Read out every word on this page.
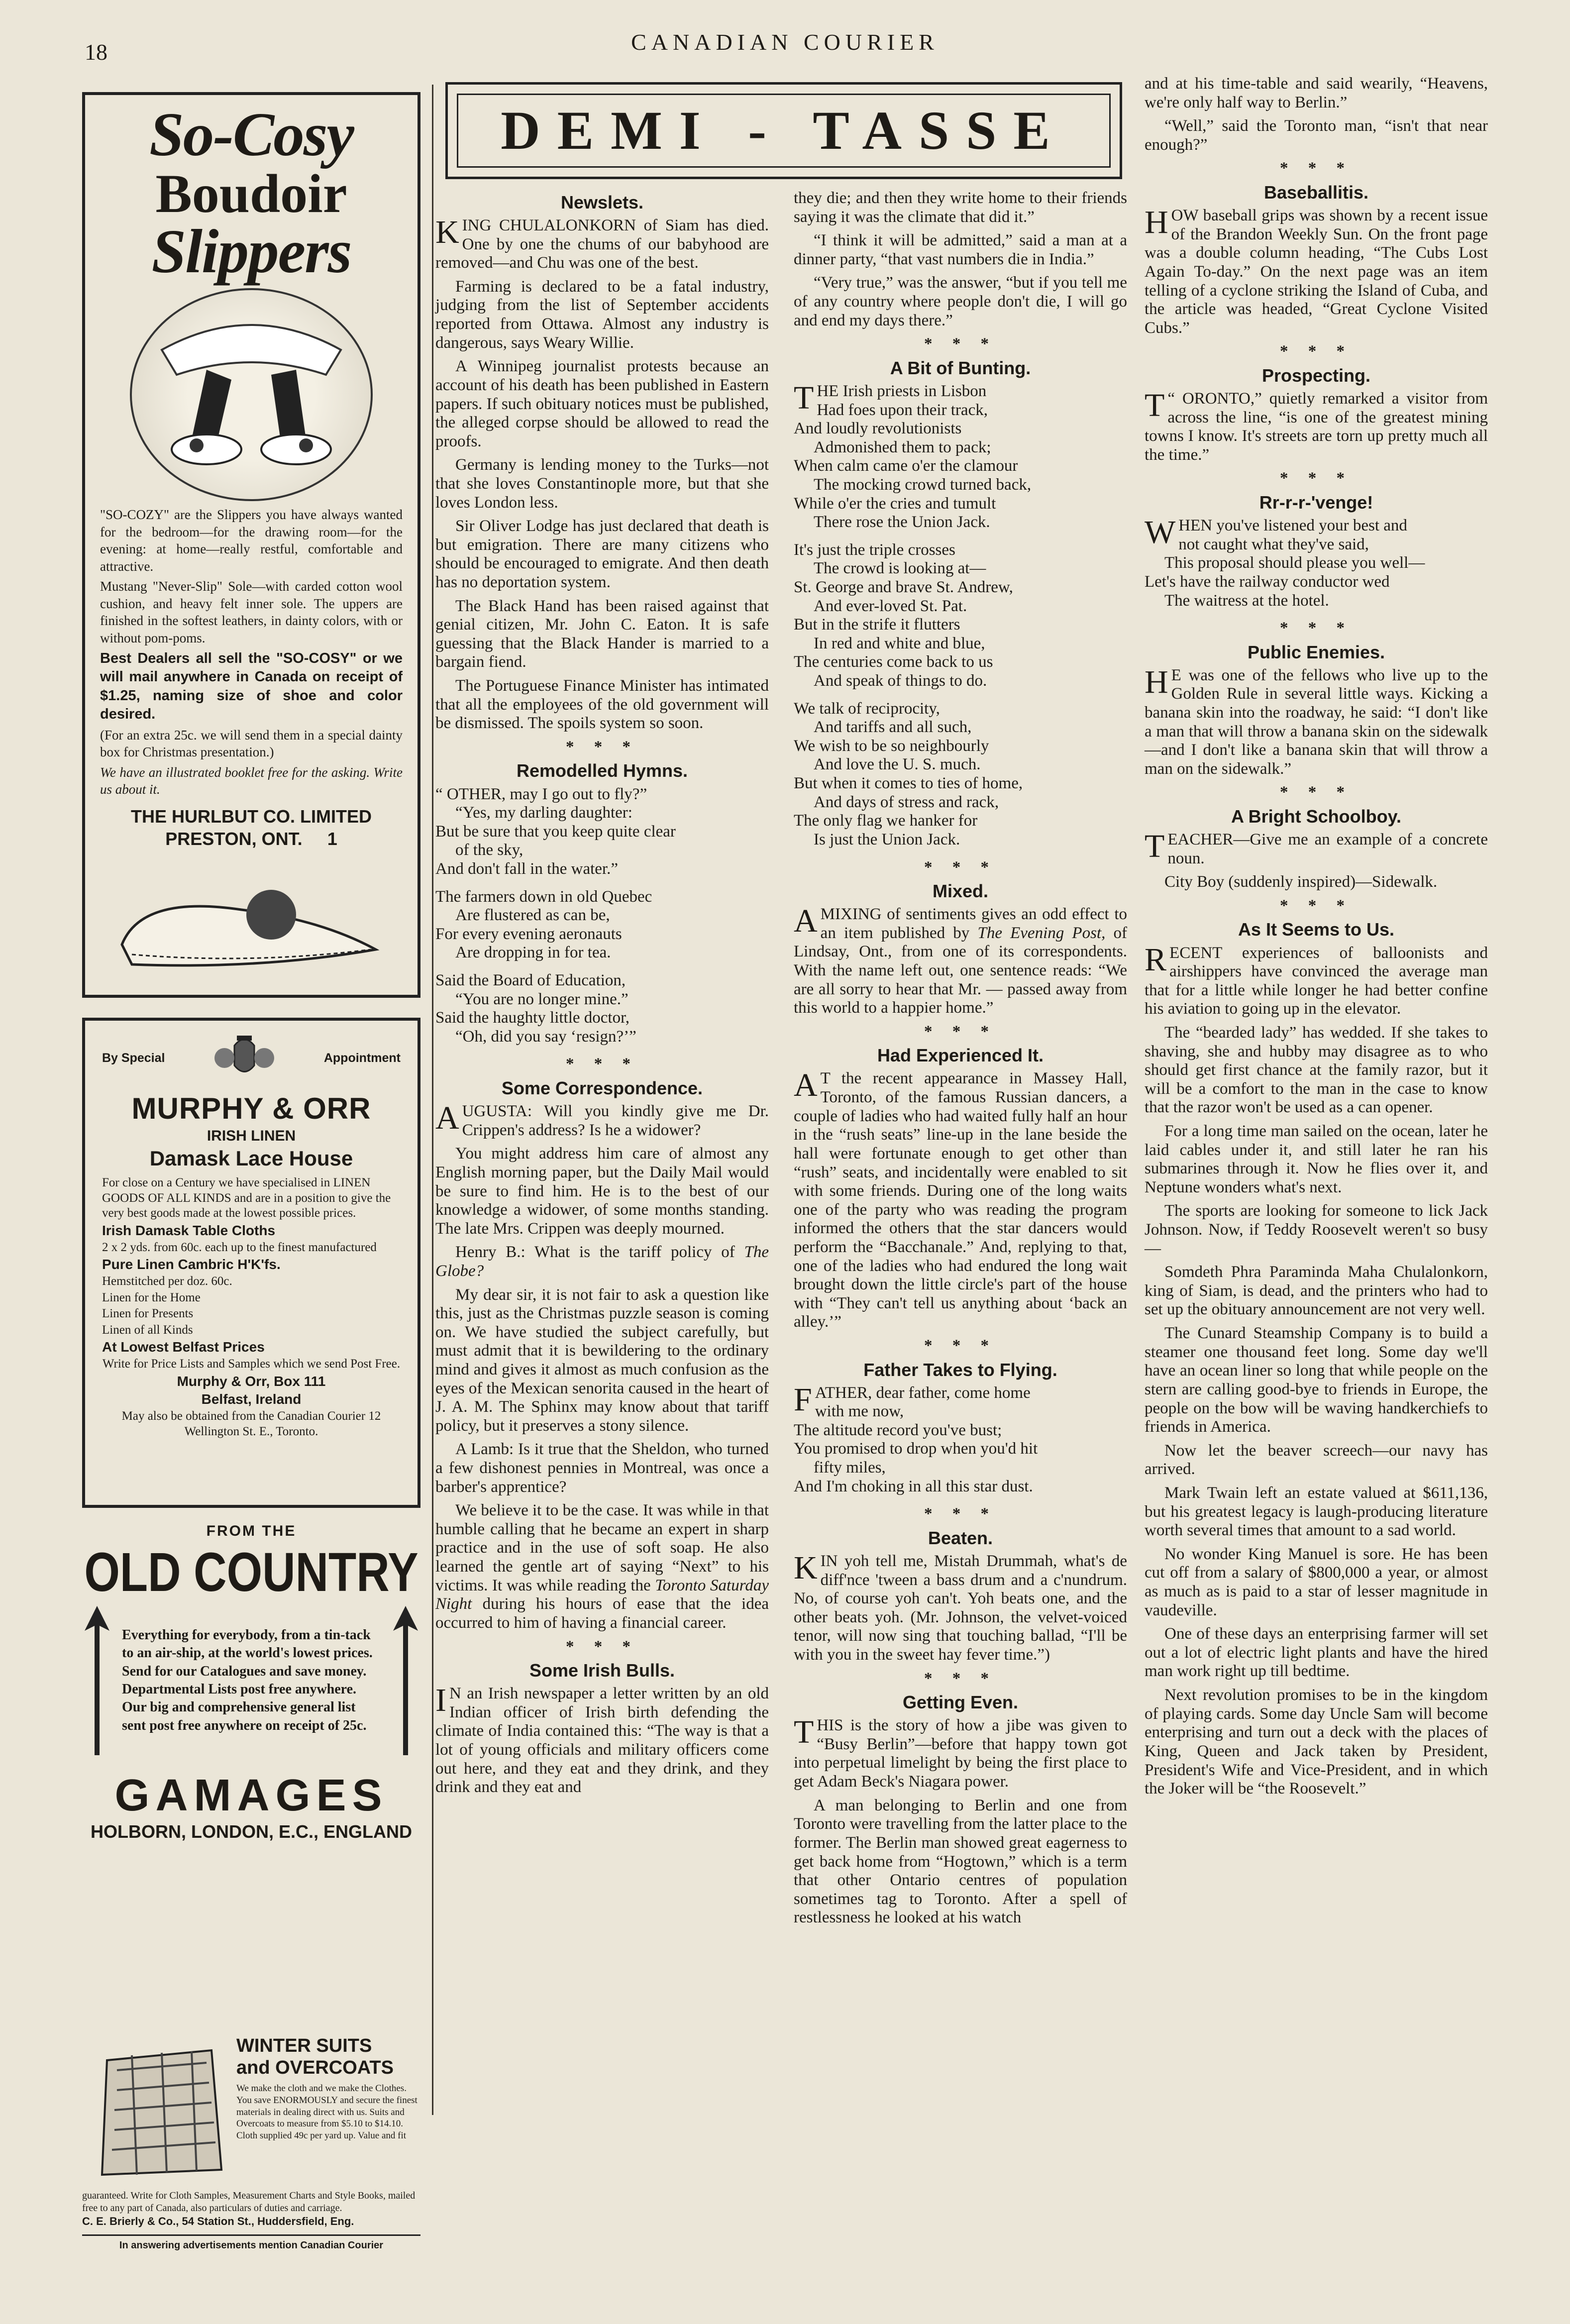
18	CANADIAN COURIER
So-Cosy
Boudoir
Slippers

"SO-COZY" are the Slippers you have always wanted for the bedroom—for the drawing room—for the evening: at home—really restful, comfortable and attractive.

Mustang "Never-Slip" Sole—with carded cotton wool cushion, and heavy felt inner sole. The uppers are finished in the softest leathers, in dainty colors, with or without pom-poms.

Best Dealers all sell the "SO-COSY" or we will mail anywhere in Canada on receipt of $1.25, naming size of shoe and color desired.

(For an extra 25c. we will send them in a special dainty box for Christmas presentation.)

We have an illustrated booklet free for the asking. Write us about it.

THE HURLBUT CO. LIMITED
PRESTON, ONT. 1
By Special	Appointment
MURPHY & ORR
IRISH LINEN
Damask Lace House

For close on a Century we have specialised in LINEN GOODS OF ALL KINDS and are in a position to give the very best goods made at the lowest possible prices.

Irish Damask Table Cloths

2 x 2 yds. from 60c. each up to the finest manufactured

Pure Linen Cambric H'K'fs.

Hemstitched per doz. 60c.

Linen for the Home

Linen for Presents

Linen of all Kinds

At Lowest Belfast Prices

Write for Price Lists and Samples which we send Post Free.

Murphy & Orr, Box 111

Belfast, Ireland

May also be obtained from the Canadian Courier 12 Wellington St. E., Toronto.

FROM THE
OLD COUNTRY

Everything for everybody, from a tin-tack to an air-ship, at the world's lowest prices. Send for our Catalogues and save money. Departmental Lists post free anywhere. Our big and comprehensive general list sent post free anywhere on receipt of 25c.

GAMAGES
HOLBORN, LONDON, E.C., ENGLAND
WINTER SUITS
and OVERCOATS
We make the cloth and we make the Clothes. You save ENORMOUSLY and secure the finest materials in dealing direct with us. Suits and Overcoats to measure from $5.10 to $14.10. Cloth supplied 49c per yard up. Value and fit
guaranteed. Write for Cloth Samples, Measurement Charts and Style Books, mailed free to any part of Canada, also particulars of duties and carriage.
C. E. Brierly & Co., 54 Station St., Huddersfield, Eng.
In answering advertisements mention Canadian Courier
DEMI - TASSE
Newslets.

KING CHULALONKORN of Siam has died. One by one the chums of our babyhood are removed—and Chu was one of the best.

Farming is declared to be a fatal industry, judging from the list of September accidents reported from Ottawa. Almost any industry is dangerous, says Weary Willie.

A Winnipeg journalist protests because an account of his death has been published in Eastern papers. If such obituary notices must be published, the alleged corpse should be allowed to read the proofs.

Germany is lending money to the Turks—not that she loves Constantinople more, but that she loves London less.

Sir Oliver Lodge has just declared that death is but emigration. There are many citizens who should be encouraged to emigrate. And then death has no deportation system.

The Black Hand has been raised against that genial citizen, Mr. John C. Eaton. It is safe guessing that the Black Hander is married to a bargain fiend.

The Portuguese Finance Minister has intimated that all the employees of the old government will be dismissed. The spoils system so soon.

* * *
Remodelled Hymns.
“ OTHER, may I go out to fly?”
“Yes, my darling daughter:
But be sure that you keep quite clear
of the sky,
And don't fall in the water.”
The farmers down in old Quebec
Are flustered as can be,
For every evening aeronauts
Are dropping in for tea.
Said the Board of Education,
“You are no longer mine.”
Said the haughty little doctor,
“Oh, did you say ‘resign?’”
* * *
Some Correspondence.

AUGUSTA: Will you kindly give me Dr. Crippen's address? Is he a widower?

You might address him care of almost any English morning paper, but the Daily Mail would be sure to find him. He is to the best of our knowledge a widower, of some months standing. The late Mrs. Crippen was deeply mourned.

Henry B.: What is the tariff policy of The Globe?

My dear sir, it is not fair to ask a question like this, just as the Christmas puzzle season is coming on. We have studied the subject carefully, but must admit that it is bewildering to the ordinary mind and gives it almost as much confusion as the eyes of the Mexican senorita caused in the heart of J. A. M. The Sphinx may know about that tariff policy, but it preserves a stony silence.

A Lamb: Is it true that the Sheldon, who turned a few dishonest pennies in Montreal, was once a barber's apprentice?

We believe it to be the case. It was while in that humble calling that he became an expert in sharp practice and in the use of soft soap. He also learned the gentle art of saying “Next” to his victims. It was while reading the Toronto Saturday Night during his hours of ease that the idea occurred to him of having a financial career.

* * *
Some Irish Bulls.

I N an Irish newspaper a letter written by an old Indian officer of Irish birth defending the climate of India contained this: “The way is that a lot of young officials and military officers come out here, and they eat and they drink, and they drink and they eat and

they die; and then they write home to their friends saying it was the climate that did it.”

“I think it will be admitted,” said a man at a dinner party, “that vast numbers die in India.”

“Very true,” was the answer, “but if you tell me of any country where people don't die, I will go and end my days there.”

* * *
A Bit of Bunting.
THE Irish priests in Lisbon
Had foes upon their track,
And loudly revolutionists
Admonished them to pack;
When calm came o'er the clamour
The mocking crowd turned back,
While o'er the cries and tumult
There rose the Union Jack.
It's just the triple crosses
The crowd is looking at—
St. George and brave St. Andrew,
And ever-loved St. Pat.
But in the strife it flutters
In red and white and blue,
The centuries come back to us
And speak of things to do.
We talk of reciprocity,
And tariffs and all such,
We wish to be so neighbourly
And love the U. S. much.
But when it comes to ties of home,
And days of stress and rack,
The only flag we hanker for
Is just the Union Jack.
* * *
Mixed.

AMIXING of sentiments gives an odd effect to an item published by The Evening Post, of Lindsay, Ont., from one of its correspondents. With the name left out, one sentence reads: “We are all sorry to hear that Mr. — passed away from this world to a happier home.”

* * *
Had Experienced It.

A T the recent appearance in Massey Hall, Toronto, of the famous Russian dancers, a couple of ladies who had waited fully half an hour in the “rush seats” line-up in the lane beside the hall were fortunate enough to get other than “rush” seats, and incidentally were enabled to sit with some friends. During one of the long waits one of the party who was reading the program informed the others that the star dancers would perform the “Bacchanale.” And, replying to that, one of the ladies who had endured the long wait brought down the little circle's part of the house with “They can't tell us anything about ‘back an alley.’”

* * *
Father Takes to Flying.
FATHER, dear father, come home
with me now,
The altitude record you've bust;
You promised to drop when you'd hit
fifty miles,
And I'm choking in all this star dust.
* * *
Beaten.

KIN yoh tell me, Mistah Drummah, what's de diff'nce 'tween a bass drum and a c'nundrum. No, of course yoh can't. Yoh beats one, and the other beats yoh. (Mr. Johnson, the velvet-voiced tenor, will now sing that touching ballad, “I'll be with you in the sweet hay fever time.”)

* * *
Getting Even.

THIS is the story of how a jibe was given to “Busy Berlin”—before that happy town got into perpetual limelight by being the first place to get Adam Beck's Niagara power.

A man belonging to Berlin and one from Toronto were travelling from the latter place to the former. The Berlin man showed great eagerness to get back home from “Hogtown,” which is a term that other Ontario centres of population sometimes tag to Toronto. After a spell of restlessness he looked at his watch

and at his time-table and said wearily, “Heavens, we're only half way to Berlin.”

“Well,” said the Toronto man, “isn't that near enough?”

* * *
Baseballitis.

HOW baseball grips was shown by a recent issue of the Brandon Weekly Sun. On the front page was a double column heading, “The Cubs Lost Again To-day.” On the next page was an item telling of a cyclone striking the Island of Cuba, and the article was headed, “Great Cyclone Visited Cubs.”

* * *
Prospecting.

T “ ORONTO,” quietly remarked a visitor from across the line, “is one of the greatest mining towns I know. It's streets are torn up pretty much all the time.”

* * *
Rr-r-r-'venge!
WHEN you've listened your best and
not caught what they've said,
This proposal should please you well—
Let's have the railway conductor wed
The waitress at the hotel.
* * *
Public Enemies.

H E was one of the fellows who live up to the Golden Rule in several little ways. Kicking a banana skin into the roadway, he said: “I don't like a man that will throw a banana skin on the sidewalk—and I don't like a banana skin that will throw a man on the sidewalk.”

* * *
A Bright Schoolboy.

TEACHER—Give me an example of a concrete noun.

City Boy (suddenly inspired)—Sidewalk.

* * *
As It Seems to Us.

RECENT experiences of balloonists and airshippers have convinced the average man that for a little while longer he had better confine his aviation to going up in the elevator.

The “bearded lady” has wedded. If she takes to shaving, she and hubby may disagree as to who should get first chance at the family razor, but it will be a comfort to the man in the case to know that the razor won't be used as a can opener.

For a long time man sailed on the ocean, later he laid cables under it, and still later he ran his submarines through it. Now he flies over it, and Neptune wonders what's next.

The sports are looking for someone to lick Jack Johnson. Now, if Teddy Roosevelt weren't so busy—

Somdeth Phra Paraminda Maha Chulalonkorn, king of Siam, is dead, and the printers who had to set up the obituary announcement are not very well.

The Cunard Steamship Company is to build a steamer one thousand feet long. Some day we'll have an ocean liner so long that while people on the stern are calling good-bye to friends in Europe, the people on the bow will be waving handkerchiefs to friends in America.

Now let the beaver screech—our navy has arrived.

Mark Twain left an estate valued at $611,136, but his greatest legacy is laugh-producing literature worth several times that amount to a sad world.

No wonder King Manuel is sore. He has been cut off from a salary of $800,000 a year, or almost as much as is paid to a star of lesser magnitude in vaudeville.

One of these days an enterprising farmer will set out a lot of electric light plants and have the hired man work right up till bedtime.

Next revolution promises to be in the kingdom of playing cards. Some day Uncle Sam will become enterprising and turn out a deck with the places of King, Queen and Jack taken by President, President's Wife and Vice-President, and in which the Joker will be “the Roosevelt.”
